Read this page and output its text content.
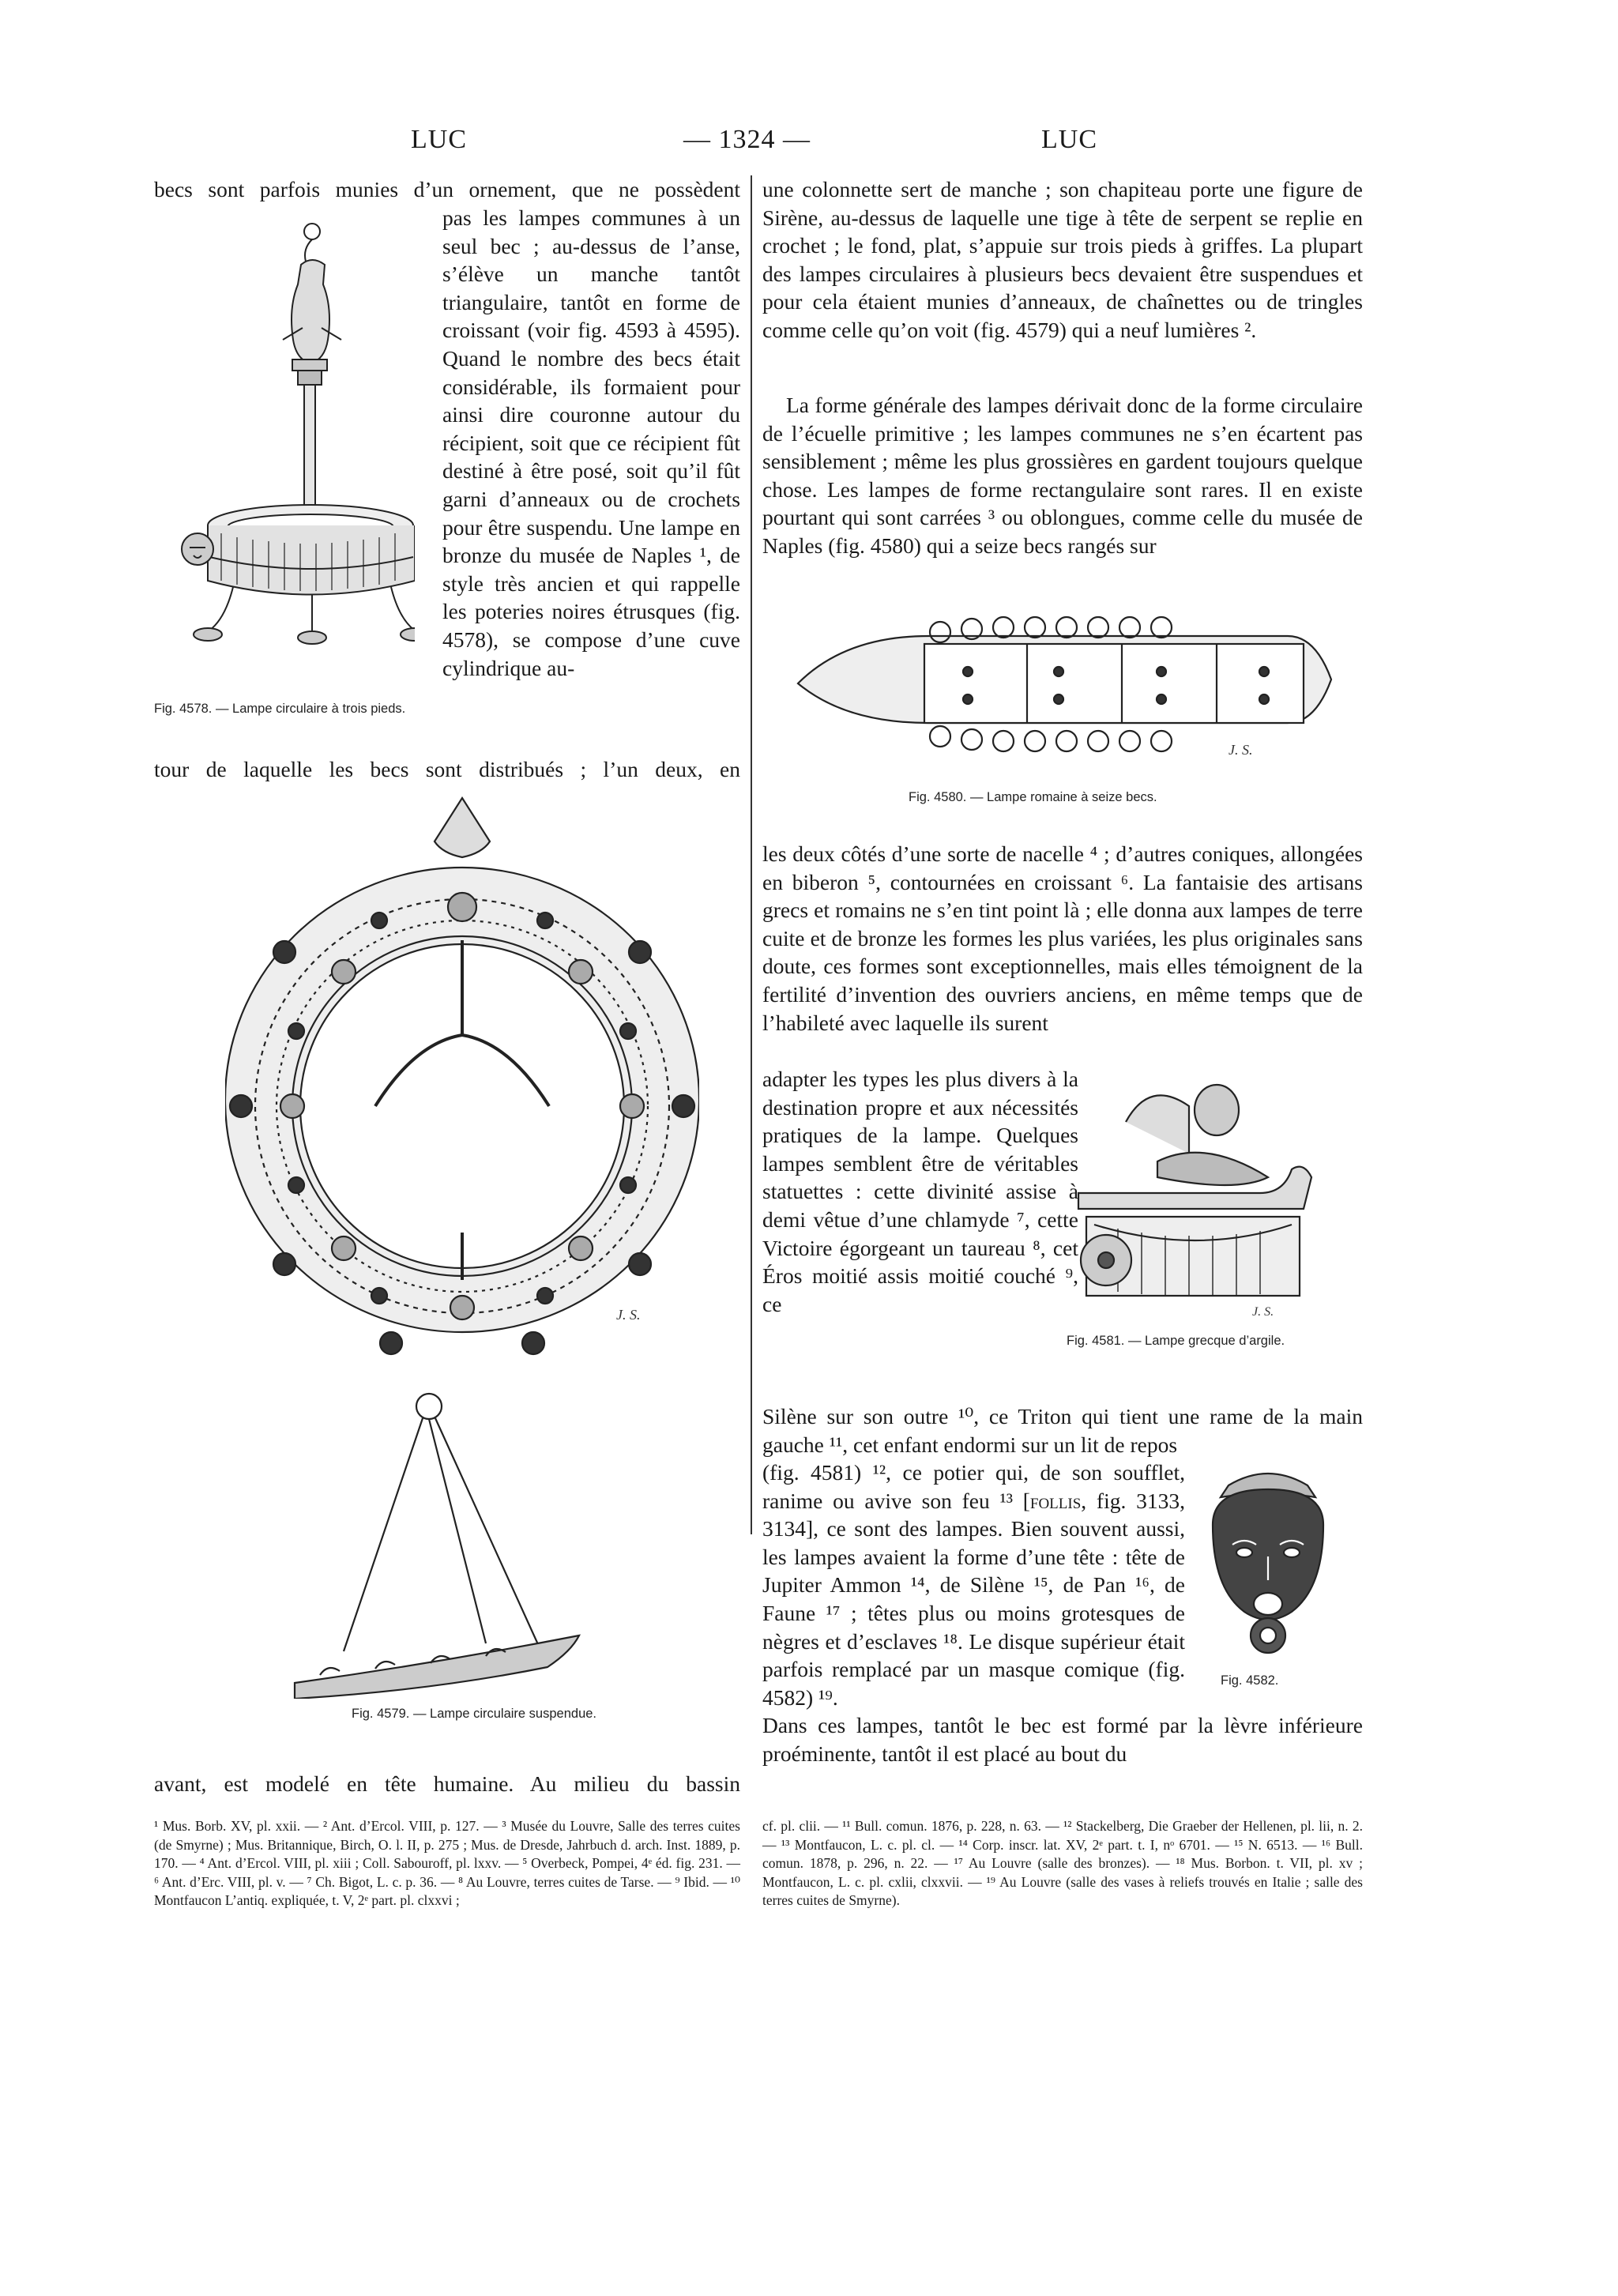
LUC	— 1324 —	LUC
Fig. 4578. — Lampe circulaire à trois pieds.

becs sont parfois munies d’un ornement, que ne possèdent

pas les lampes communes à un seul bec ; au-dessus de l’anse, s’élève un manche tantôt triangulaire, tantôt en forme de croissant (voir fig. 4593 à 4595). Quand le nombre des becs était considérable, ils formaient pour ainsi dire couronne autour du récipient, soit que ce récipient fût destiné à être posé, soit qu’il fût garni d’anneaux ou de crochets pour être suspendu. Une lampe en bronze du musée de Naples ¹, de style très ancien et qui rappelle les poteries noires étrusques (fig. 4578), se compose d’une cuve cylindrique au-

tour de laquelle les becs sont distribués ; l’un deux, en

J. S.
Fig. 4579. — Lampe circulaire suspendue.

avant, est modelé en tête humaine. Au milieu du bassin

¹ Mus. Borb. XV, pl. xxii. — ² Ant. d’Ercol. VIII, p. 127. — ³ Musée du Louvre, Salle des terres cuites (de Smyrne) ; Mus. Britannique, Birch, O. l. II, p. 275 ; Mus. de Dresde, Jahrbuch d. arch. Inst. 1889, p. 170. — ⁴ Ant. d’Ercol. VIII, pl. xiii ; Coll. Sabouroff, pl. lxxv. — ⁵ Overbeck, Pompei, 4ᵉ éd. fig. 231. — ⁶ Ant. d’Erc. VIII, pl. v. — ⁷ Ch. Bigot, L. c. p. 36. — ⁸ Au Louvre, terres cuites de Tarse. — ⁹ Ibid. — ¹⁰ Montfaucon L’antiq. expliquée, t. V, 2ᵉ part. pl. clxxvi ;

une colonnette sert de manche ; son chapiteau porte une figure de Sirène, au-dessus de laquelle une tige à tête de serpent se replie en crochet ; le fond, plat, s’appuie sur trois pieds à griffes. La plupart des lampes circulaires à plusieurs becs devaient être suspendues et pour cela étaient munies d’anneaux, de chaînettes ou de tringles comme celle qu’on voit (fig. 4579) qui a neuf lumières ².

La forme générale des lampes dérivait donc de la forme circulaire de l’écuelle primitive ; les lampes communes ne s’en écartent pas sensiblement ; même les plus grossières en gardent toujours quelque chose. Les lampes de forme rectangulaire sont rares. Il en existe pourtant qui sont carrées ³ ou oblongues, comme celle du musée de Naples (fig. 4580) qui a seize becs rangés sur

J. S.
Fig. 4580. — Lampe romaine à seize becs.

les deux côtés d’une sorte de nacelle ⁴ ; d’autres coniques, allongées en biberon ⁵, contournées en croissant ⁶. La fantaisie des artisans grecs et romains ne s’en tint point là ; elle donna aux lampes de terre cuite et de bronze les formes les plus variées, les plus originales sans doute, ces formes sont exceptionnelles, mais elles témoignent de la fertilité d’invention des ouvriers anciens, en même temps que de l’habileté avec laquelle ils surent

adapter les types les plus divers à la destination propre et aux nécessités pratiques de la lampe. Quelques lampes semblent être de véritables statuettes : cette divinité assise à demi vêtue d’une chlamyde ⁷, cette Victoire égorgeant un taureau ⁸, cet Éros moitié assis moitié couché ⁹, ce	J. S.
Fig. 4581. — Lampe grecque d’argile.

Silène sur son outre ¹⁰, ce Triton qui tient une rame de la main gauche ¹¹, cet enfant endormi sur un lit de repos

(fig. 4581) ¹², ce potier qui, de son soufflet, ranime ou avive son feu ¹³ [follis, fig. 3133, 3134], ce sont des lampes. Bien souvent aussi, les lampes avaient la forme d’une tête : tête de Jupiter Ammon ¹⁴, de Silène ¹⁵, de Pan ¹⁶, de Faune ¹⁷ ; têtes plus ou moins grotesques de nègres et d’esclaves ¹⁸. Le disque supérieur était parfois remplacé par un masque comique (fig. 4582) ¹⁹.

Fig. 4582.

Dans ces lampes, tantôt le bec est formé par la lèvre inférieure proéminente, tantôt il est placé au bout du

cf. pl. clii. — ¹¹ Bull. comun. 1876, p. 228, n. 63. — ¹² Stackelberg, Die Graeber der Hellenen, pl. lii, n. 2. — ¹³ Montfaucon, L. c. pl. cl. — ¹⁴ Corp. inscr. lat. XV, 2ᵉ part. t. I, nᵒ 6701. — ¹⁵ N. 6513. — ¹⁶ Bull. comun. 1878, p. 296, n. 22. — ¹⁷ Au Louvre (salle des bronzes). — ¹⁸ Mus. Borbon. t. VII, pl. xv ; Montfaucon, L. c. pl. cxlii, clxxvii. — ¹⁹ Au Louvre (salle des vases à reliefs trouvés en Italie ; salle des terres cuites de Smyrne).
